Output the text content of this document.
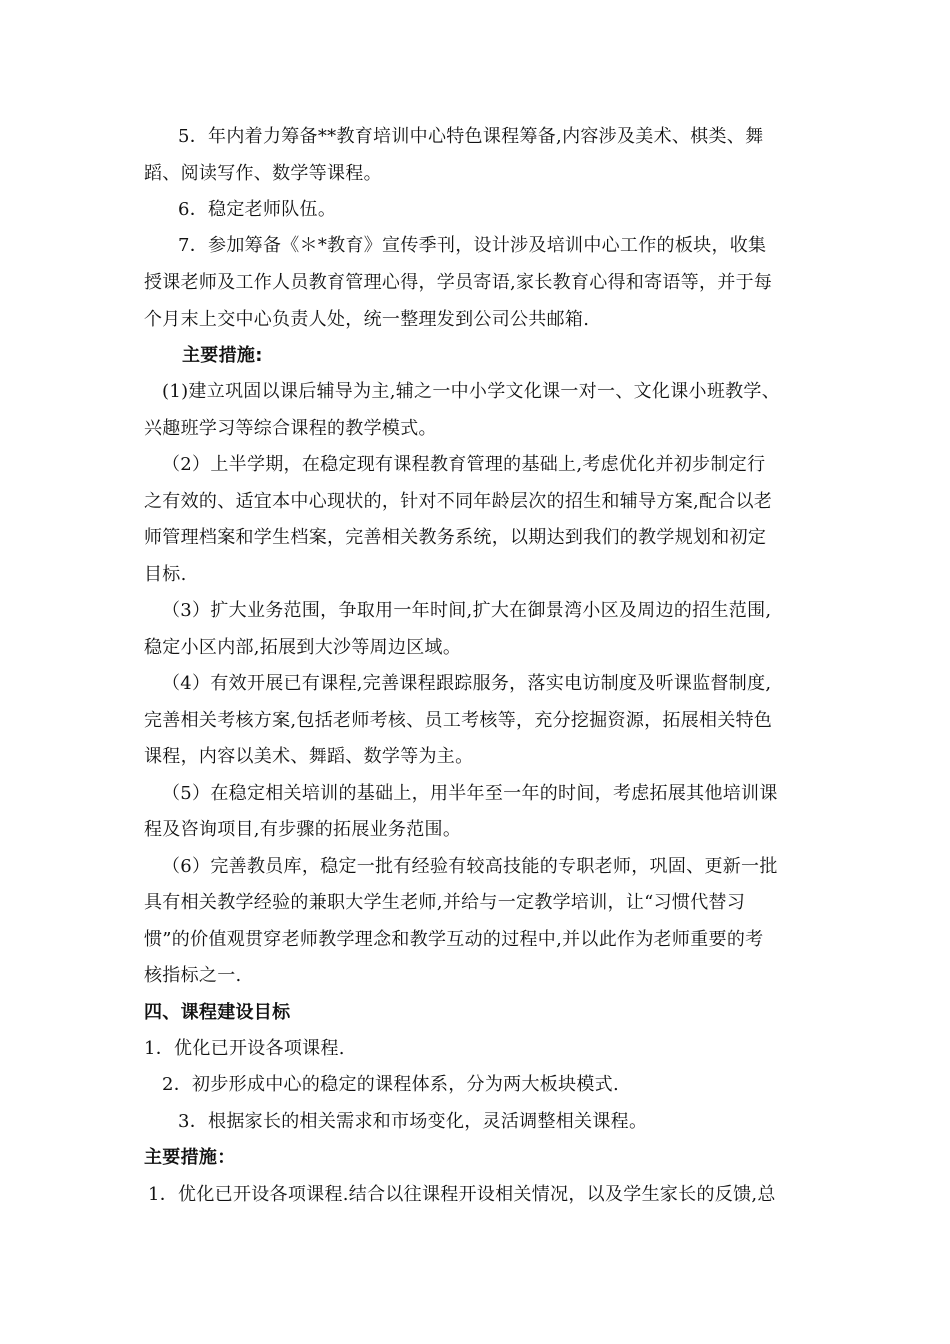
5．年内着力筹备**教育培训中心特色课程筹备,内容涉及美术、棋类、舞
蹈、阅读写作、数学等课程。
6．稳定老师队伍。
7．参加筹备《＊*教育》宣传季刊，设计涉及培训中心工作的板块，收集
授课老师及工作人员教育管理心得，学员寄语,家长教育心得和寄语等，并于每
个月末上交中心负责人处，统一整理发到公司公共邮箱.
主要措施:
(1)建立巩固以课后辅导为主,辅之一中小学文化课一对一、文化课小班教学、
兴趣班学习等综合课程的教学模式。
（2）上半学期，在稳定现有课程教育管理的基础上,考虑优化并初步制定行
之有效的、适宜本中心现状的，针对不同年龄层次的招生和辅导方案,配合以老
师管理档案和学生档案，完善相关教务系统，以期达到我们的教学规划和初定
目标.
（3）扩大业务范围，争取用一年时间,扩大在御景湾小区及周边的招生范围,
稳定小区内部,拓展到大沙等周边区域。
（4）有效开展已有课程,完善课程跟踪服务，落实电访制度及听课监督制度,
完善相关考核方案,包括老师考核、员工考核等，充分挖掘资源，拓展相关特色
课程，内容以美术、舞蹈、数学等为主。
（5）在稳定相关培训的基础上，用半年至一年的时间，考虑拓展其他培训课
程及咨询项目,有步骤的拓展业务范围。
（6）完善教员库，稳定一批有经验有较高技能的专职老师，巩固、更新一批
具有相关教学经验的兼职大学生老师,并给与一定教学培训，让“习惯代替习
惯”的价值观贯穿老师教学理念和教学互动的过程中,并以此作为老师重要的考
核指标之一.
四、课程建设目标
1．优化已开设各项课程.
2．初步形成中心的稳定的课程体系，分为两大板块模式.
3．根据家长的相关需求和市场变化，灵活调整相关课程。
主要措施：
1．优化已开设各项课程.结合以往课程开设相关情况，以及学生家长的反馈,总
